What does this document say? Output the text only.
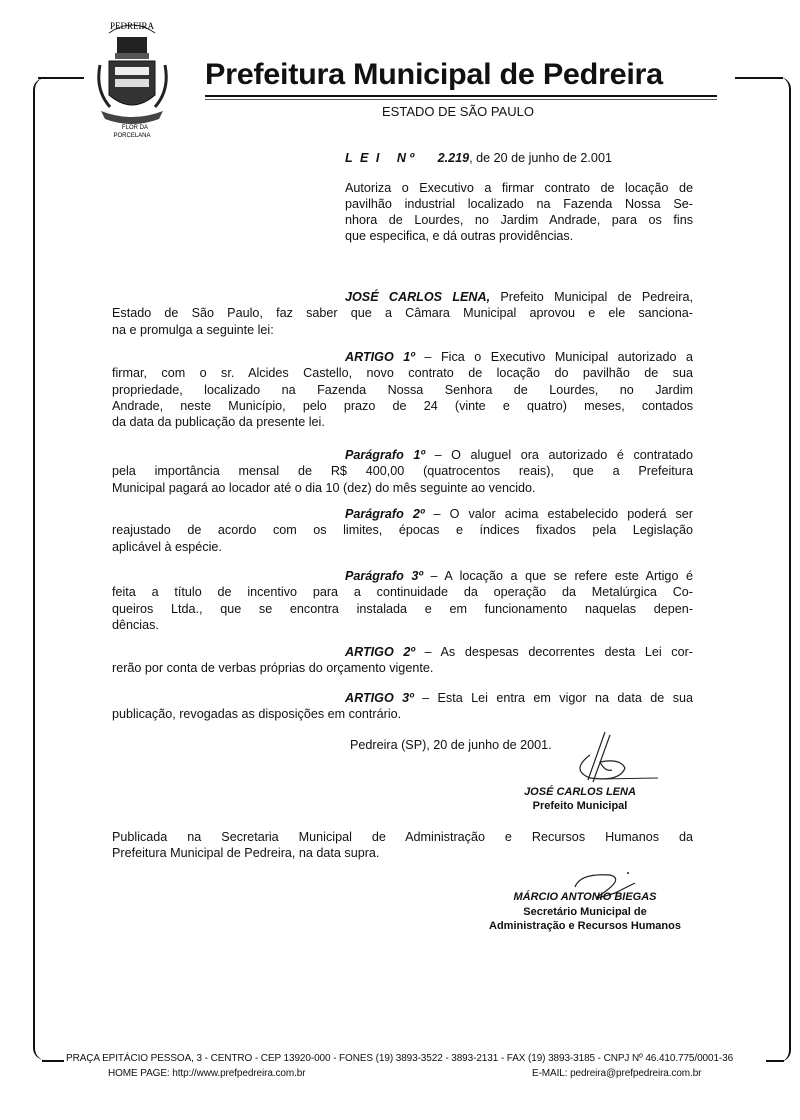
PEDREIRA
FLOR DA
PORCELANA
Prefeitura Municipal de Pedreira
ESTADO DE SÃO PAULO
L E I N º 2.219, de 20 de junho de 2.001
Autoriza o Executivo a firmar contrato de locação de
pavilhão industrial localizado na Fazenda Nossa Se-
nhora de Lourdes, no Jardim Andrade, para os fins
que especifica, e dá outras providências.
JOSÉ CARLOS LENA, Prefeito Municipal de Pedreira,
Estado de São Paulo, faz saber que a Câmara Municipal aprovou e ele sanciona-
na e promulga a seguinte lei:
ARTIGO 1º – Fica o Executivo Municipal autorizado a
firmar, com o sr. Alcides Castello, novo contrato de locação do pavilhão de sua
propriedade, localizado na Fazenda Nossa Senhora de Lourdes, no Jardim
Andrade, neste Município, pelo prazo de 24 (vinte e quatro) meses, contados
da data da publicação da presente lei.
Parágrafo 1º – O aluguel ora autorizado é contratado
pela importância mensal de R$ 400,00 (quatrocentos reais), que a Prefeitura
Municipal pagará ao locador até o dia 10 (dez) do mês seguinte ao vencido.
Parágrafo 2º – O valor acima estabelecido poderá ser
reajustado de acordo com os limites, épocas e índices fixados pela Legislação
aplicável à espécie.
Parágrafo 3º – A locação a que se refere este Artigo é
feita a título de incentivo para a continuidade da operação da Metalúrgica Co-
queiros Ltda., que se encontra instalada e em funcionamento naquelas depen-
dências.
ARTIGO 2º – As despesas decorrentes desta Lei cor-
rerão por conta de verbas próprias do orçamento vigente.
ARTIGO 3º – Esta Lei entra em vigor na data de sua
publicação, revogadas as disposições em contrário.
Pedreira (SP), 20 de junho de 2001.
JOSÉ CARLOS LENA
Prefeito Municipal
Publicada na Secretaria Municipal de Administração e Recursos Humanos da
Prefeitura Municipal de Pedreira, na data supra.
MÁRCIO ANTONIO BIEGAS
Secretário Municipal de
Administração e Recursos Humanos
PRAÇA EPITÁCIO PESSOA, 3 - CENTRO - CEP 13920-000 - FONES (19) 3893-3522 - 3893-2131 - FAX (19) 3893-3185 - CNPJ Nº 46.410.775/0001-36
HOME PAGE: http://www.prefpedreira.com.br	E-MAIL: pedreira@prefpedreira.com.br
